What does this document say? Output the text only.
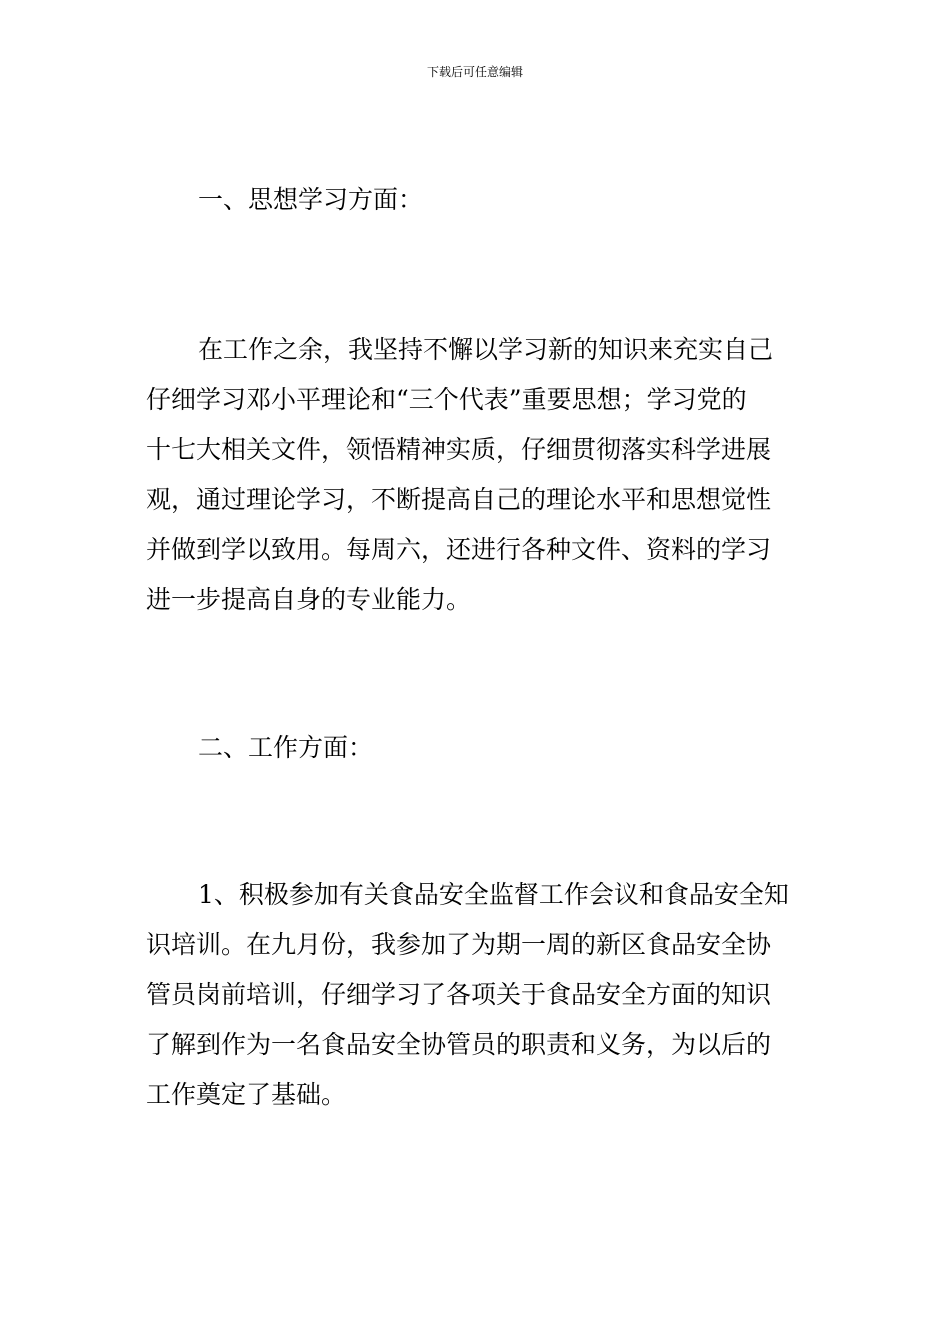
下载后可任意编辑
一、思想学习方面：
在工作之余，我坚持不懈以学习新的知识来充实自己
仔细学习邓小平理论和“三个代表”重要思想；学习党的
十七大相关文件，领悟精神实质，仔细贯彻落实科学进展
观，通过理论学习，不断提高自己的理论水平和思想觉性
并做到学以致用。每周六，还进行各种文件、资料的学习
进一步提高自身的专业能力。
二、工作方面：
1、积极参加有关食品安全监督工作会议和食品安全知
识培训。在九月份，我参加了为期一周的新区食品安全协
管员岗前培训，仔细学习了各项关于食品安全方面的知识
了解到作为一名食品安全协管员的职责和义务，为以后的
工作奠定了基础。
